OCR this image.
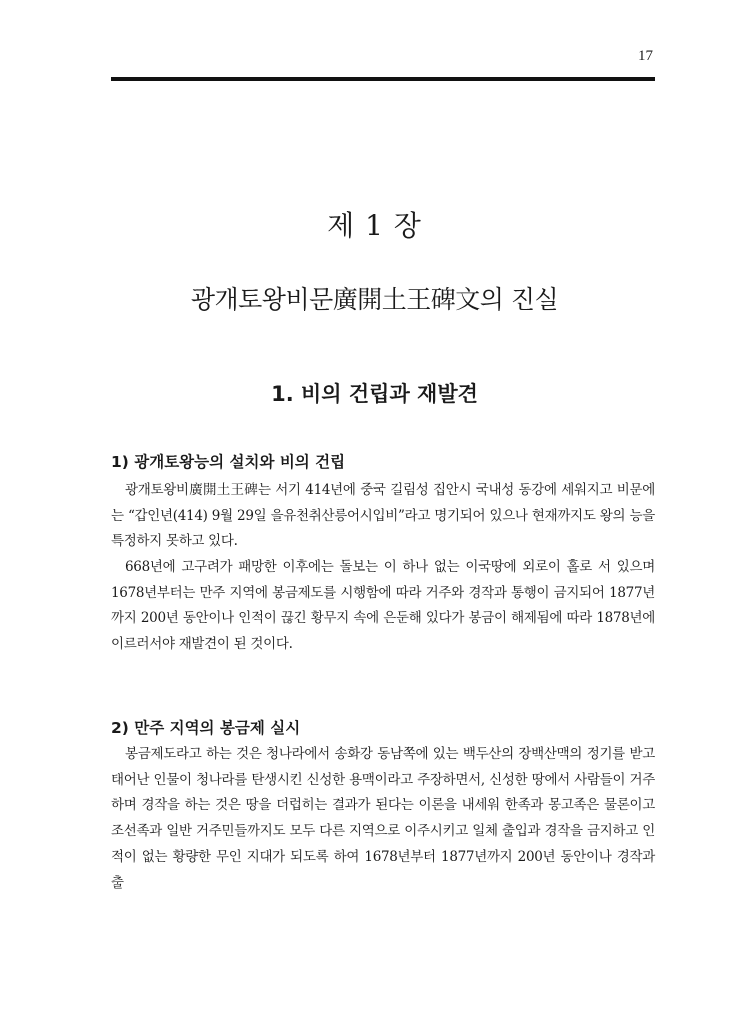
17
제 1 장
광개토왕비문廣開土王碑文의 진실
1. 비의 건립과 재발견
1) 광개토왕능의 설치와 비의 건립

광개토왕비廣開土王碑는 서기 414년에 중국 길림성 집안시 국내성 동강에 세워지고 비문에는 “갑인년(414) 9월 29일 을유천취산릉어시입비”라고 명기되어 있으나 현재까지도 왕의 능을 특정하지 못하고 있다.

668년에 고구려가 패망한 이후에는 돌보는 이 하나 없는 이국땅에 외로이 홀로 서 있으며 1678년부터는 만주 지역에 봉금제도를 시행함에 따라 거주와 경작과 통행이 금지되어 1877년까지 200년 동안이나 인적이 끊긴 황무지 속에 은둔해 있다가 봉금이 해제됨에 따라 1878년에 이르러서야 재발견이 된 것이다.

2) 만주 지역의 봉금제 실시

봉금제도라고 하는 것은 청나라에서 송화강 동남쪽에 있는 백두산의 장백산맥의 정기를 받고 태어난 인물이 청나라를 탄생시킨 신성한 용맥이라고 주장하면서, 신성한 땅에서 사람들이 거주하며 경작을 하는 것은 땅을 더럽히는 결과가 된다는 이론을 내세워 한족과 몽고족은 물론이고 조선족과 일반 거주민들까지도 모두 다른 지역으로 이주시키고 일체 출입과 경작을 금지하고 인적이 없는 황량한 무인 지대가 되도록 하여 1678년부터 1877년까지 200년 동안이나 경작과 출
